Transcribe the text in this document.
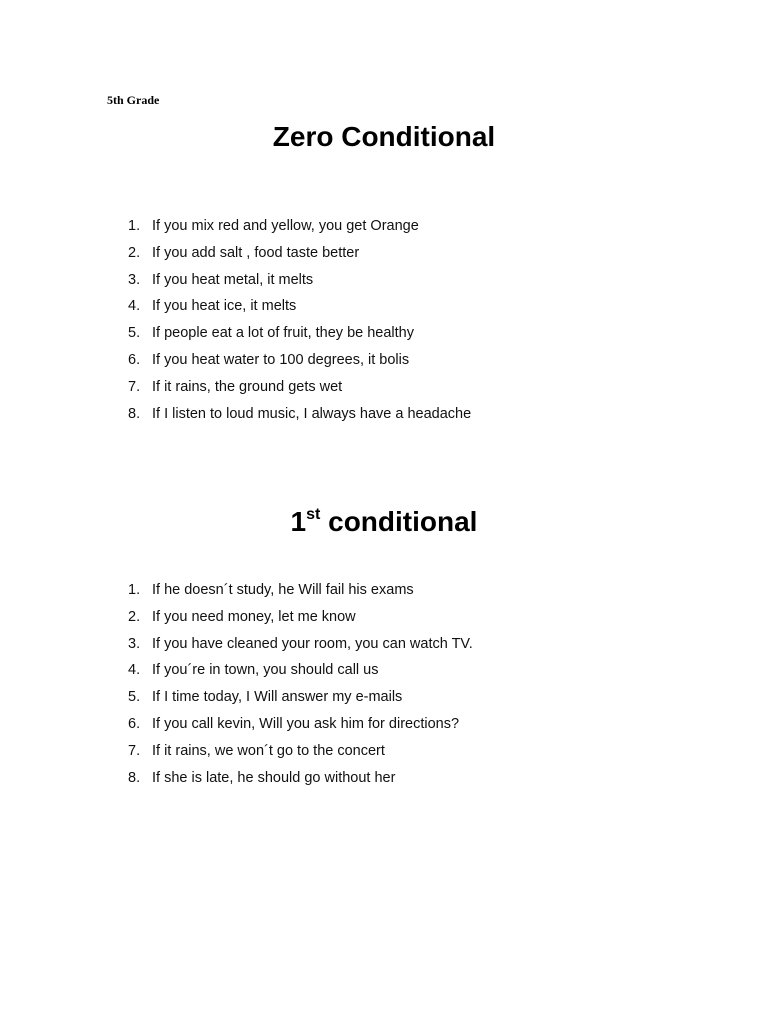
5th Grade
Zero Conditional
1. If you mix red and yellow, you get Orange
2. If you add salt , food taste better
3. If you heat metal, it melts
4. If you heat ice, it melts
5. If people eat a lot of fruit, they be healthy
6. If you heat water to 100 degrees, it bolis
7. If it rains, the ground gets wet
8. If I listen to loud music, I always have a headache
1st conditional
1. If he doesn´t study, he Will fail his exams
2. If you need money, let me know
3. If you have cleaned your room, you can watch TV.
4. If you´re in town, you should call us
5. If I time today, I Will answer my e-mails
6. If you call kevin, Will you ask him for directions?
7. If it rains, we won´t go to the concert
8. If she is late, he should go without her
